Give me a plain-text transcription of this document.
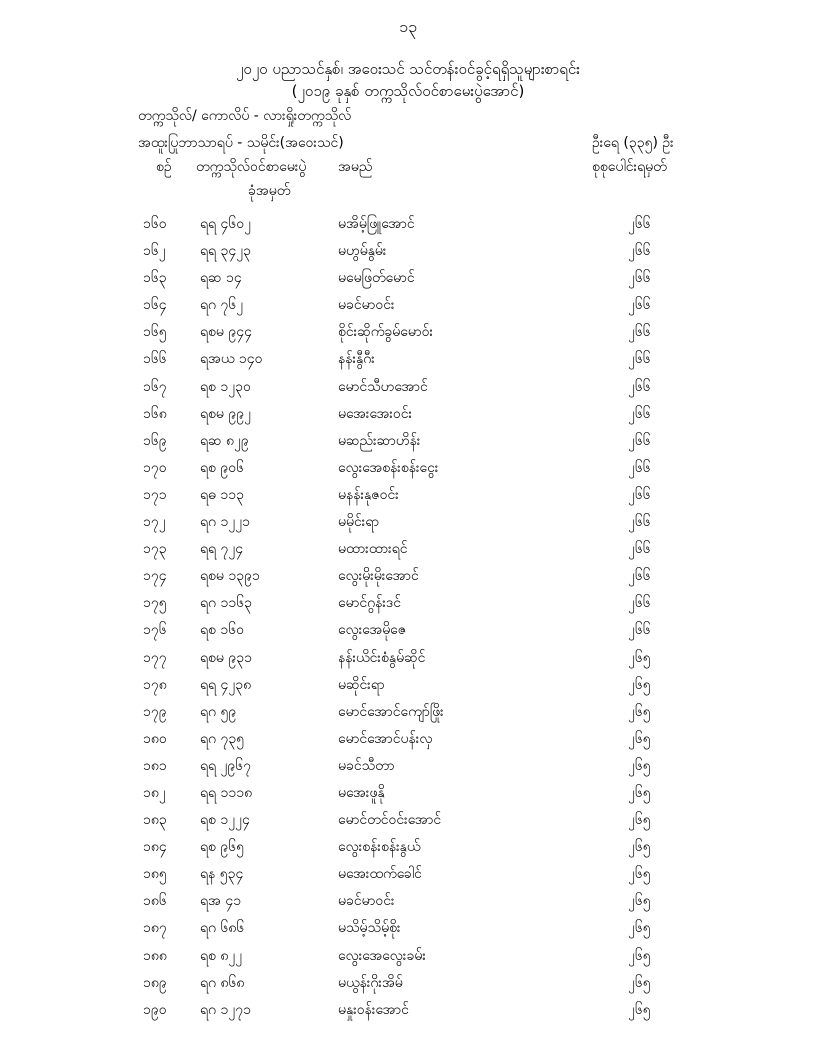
၁၃
၂၀၂၀ ပညာသင်နှစ်၊ အဝေးသင် သင်တန်းဝင်ခွင့်ရရှိသူများစာရင်း
(၂၀၁၉ ခုနှစ် တက္ကသိုလ်ဝင်စာမေးပွဲအောင်)
တက္ကသိုလ်/ ကောလိပ် - လားရှိုးတက္ကသိုလ်
အထူးပြုဘာသာရပ် - သမိုင်း(အဝေးသင်)	ဦးရေ (၃၃၅) ဦး
စဉ် တက္ကသိုလ်ဝင်စာမေးပွဲ
ခုံအမှတ်
အမည်	စုစုပေါင်းရမှတ်
၁၆၀ ရရ ၄၆၀၂	မအိမ့်ဖြူအောင်	၂၆၆
၁၆၂ ရရ ၃၄၂၃	မဟွမ်နွမ်း	၂၆၆
၁၆၃ ရဆ ၁၄	မမေဖြတ်မောင်	၂၆၆
၁၆၄ ရဂ ၇၆၂	မခင်မာဝင်း	၂၆၆
၁၆၅ ရစမ ၉၄၄	စိုင်းဆိုက်ခွမ်မောဝ်း	၂၆၆
၁၆၆ ရအယ ၁၄၀	နန်းနွီဂီး	၂၆၆
၁၆၇ ရစ ၁၂၃၀	မောင်သီဟအောင်	၂၆၆
၁၆၈ ရစမ ၉၉၂	မအေးအေးဝင်း	၂၆၆
၁၆၉ ရဆ ၈၂၉	မဆည်းဆာဟိန်း	၂၆၆
၁၇၀ ရစ ၉၀၆	လွေးအေစန်းစန်းငွေး	၂၆၆
၁၇၁ ရဓ ၁၁၃	မနန်းနုဇဝင်း	၂၆၆
၁၇၂ ရဂ ၁၂၂၁	မမိုင်းရာ	၂၆၆
၁၇၃ ရရ ၇၂၄	မထားထားရင်	၂၆၆
၁၇၄ ရစမ ၁၃၉၁	လွေးမိုးမိုးအောင်	၂၆၆
၁၇၅ ရဂ ၁၁၆၃	မောင်ဂွန်းဒင်	၂၆၆
၁၇၆ ရစ ၁၆၀	လွေးအေမိုဇေ	၂၆၆
၁၇၇ ရစမ ၉၃၁	နန်းယိင်းစံနွမ်ဆိုင်	၂၆၅
၁၇၈ ရရ ၄၂၃၈	မဆိုင်းရာ	၂၆၅
၁၇၉ ရဂ ၅၉	မောင်အောင်ကျော်ဖြိုး	၂၆၅
၁၈၀ ရဂ ၇၃၅	မောင်အောင်ပန်းလှ	၂၆၅
၁၈၁ ရရ ၂၉၆၇	မခင်သီတာ	၂၆၅
၁၈၂ ရရ ၁၁၁၈	မအေးဖူနို	၂၆၅
၁၈၃ ရစ ၁၂၂၄	မောင်တင်ဝင်းအောင်	၂၆၅
၁၈၄ ရစ ၉၆၅	လွေးစန်းစန်းနွယ်	၂၆၅
၁၈၅ ရန ၅၃၄	မအေးထက်ခေါင်	၂၆၅
၁၈၆ ရအ ၄၁	မခင်မာဝင်း	၂၆၅
၁၈၇ ရဂ ၆၈၆	မသိမ့်သိမ့်စိုး	၂၆၅
၁၈၈ ရစ ၈၂၂	လွေးအေလွေးခမ်း	၂၆၅
၁၈၉ ရဂ ၈၆၈	မယွန်းဂိုးအိမ်	၂၆၅
၁၉၀ ရဂ ၁၂၇၁	မနှုးဝန်းအောင်	၂၆၅
